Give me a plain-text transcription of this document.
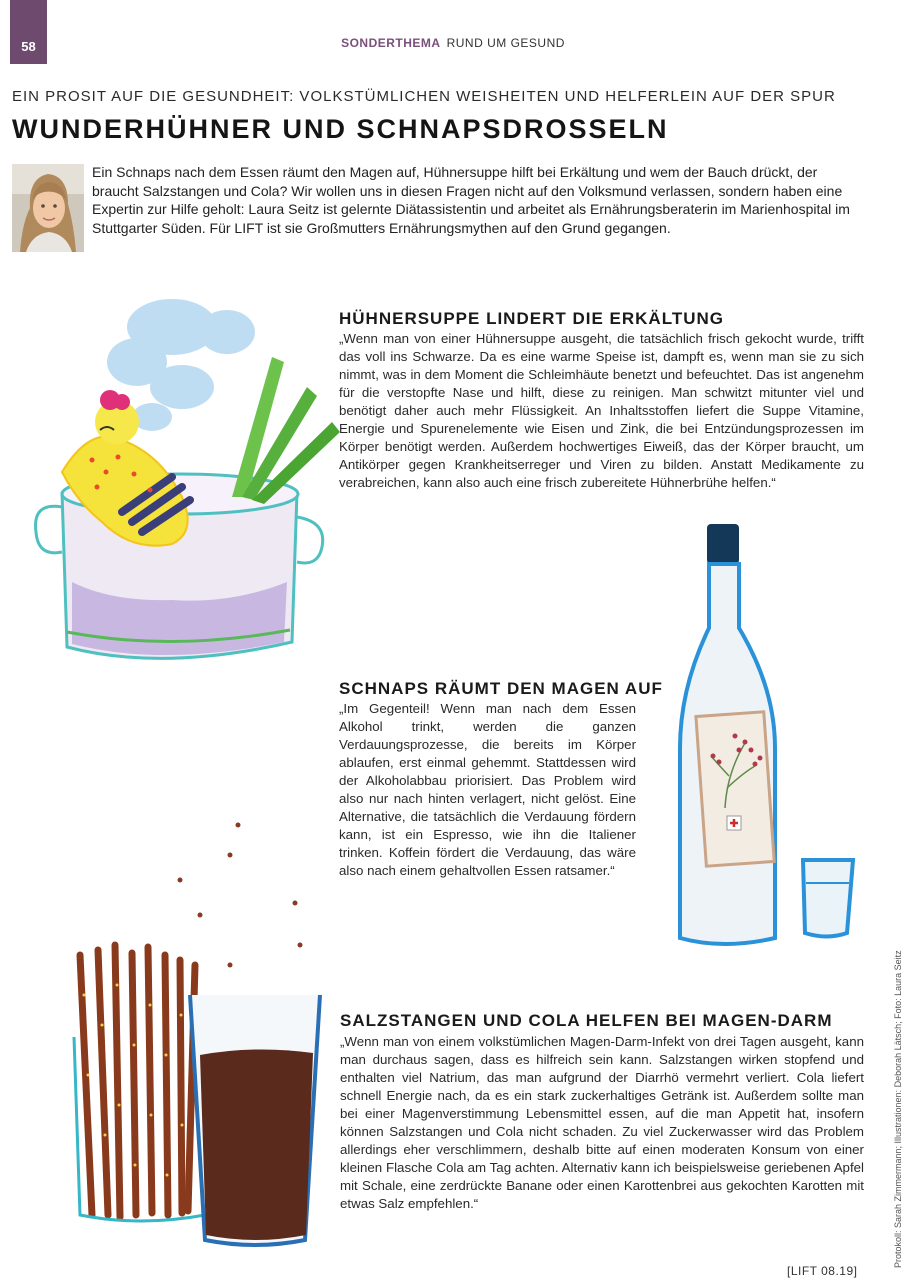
58	SONDERTHEMA RUND UM GESUND
EIN PROSIT AUF DIE GESUNDHEIT: VOLKSTÜMLICHEN WEISHEITEN UND HELFERLEIN AUF DER SPUR
WUNDERHÜHNER UND SCHNAPSDROSSELN
Ein Schnaps nach dem Essen räumt den Magen auf, Hühnersuppe hilft bei Erkältung und wem der Bauch drückt, der braucht Salzstangen und Cola? Wir wollen uns in diesen Fragen nicht auf den Volksmund verlassen, sondern haben eine Expertin zur Hilfe geholt: Laura Seitz ist gelernte Diätassistentin und arbeitet als Ernährungsberaterin im Marienhospital im Stuttgarter Süden. Für LIFT ist sie Großmutters Ernährungsmythen auf den Grund gegangen.
HÜHNERSUPPE LINDERT DIE ERKÄLTUNG
„Wenn man von einer Hühnersuppe ausgeht, die tatsächlich frisch gekocht wurde, trifft das voll ins Schwarze. Da es eine warme Speise ist, dampft es, wenn man sie zu sich nimmt, was in dem Moment die Schleimhäute benetzt und befeuchtet. Das ist angenehm für die verstopfte Nase und hilft, diese zu reinigen. Man schwitzt mitunter viel und benötigt daher auch mehr Flüssigkeit. An Inhaltsstoffen liefert die Suppe Vitamine, Energie und Spurenelemente wie Eisen und Zink, die bei Entzündungsprozessen im Körper benötigt werden. Außerdem hochwertiges Eiweiß, das der Körper braucht, um Antikörper gegen Krankheitserreger und Viren zu bilden. Anstatt Medikamente zu verabreichen, kann also auch eine frisch zubereitete Hühnerbrühe helfen.“
SCHNAPS RÄUMT DEN MAGEN AUF
„Im Gegenteil! Wenn man nach dem Essen Alkohol trinkt, werden die ganzen Verdauungsprozesse, die bereits im Körper ablaufen, erst einmal gehemmt. Stattdessen wird der Alkoholabbau priorisiert. Das Problem wird also nur nach hinten verlagert, nicht gelöst. Eine Alternative, die tatsächlich die Verdauung fördern kann, ist ein Espresso, wie ihn die Italiener trinken. Koffein fördert die Verdauung, das wäre also nach einem gehaltvollen Essen ratsamer.“
SALZSTANGEN UND COLA HELFEN BEI MAGEN-DARM
„Wenn man von einem volkstümlichen Magen-Darm-Infekt von drei Tagen ausgeht, kann man durchaus sagen, dass es hilfreich sein kann. Salzstangen wirken stopfend und enthalten viel Natrium, das man aufgrund der Diarrhö vermehrt verliert. Cola liefert schnell Energie nach, da es ein stark zuckerhaltiges Getränk ist. Außerdem sollte man bei einer Magenverstimmung Lebensmittel essen, auf die man Appetit hat, insofern können Salzstangen und Cola nicht schaden. Zu viel Zuckerwasser wird das Problem allerdings eher verschlimmern, deshalb bitte auf einen moderaten Konsum von einer kleinen Flasche Cola am Tag achten. Alternativ kann ich beispielsweise geriebenen Apfel mit Schale, eine zerdrückte Banane oder einen Karottenbrei aus gekochten Karotten mit etwas Salz empfehlen.“
[LIFT 08.19]
Protokoll: Sarah Zimmermann; Illustrationen: Deborah Lätsch; Foto: Laura Seitz
